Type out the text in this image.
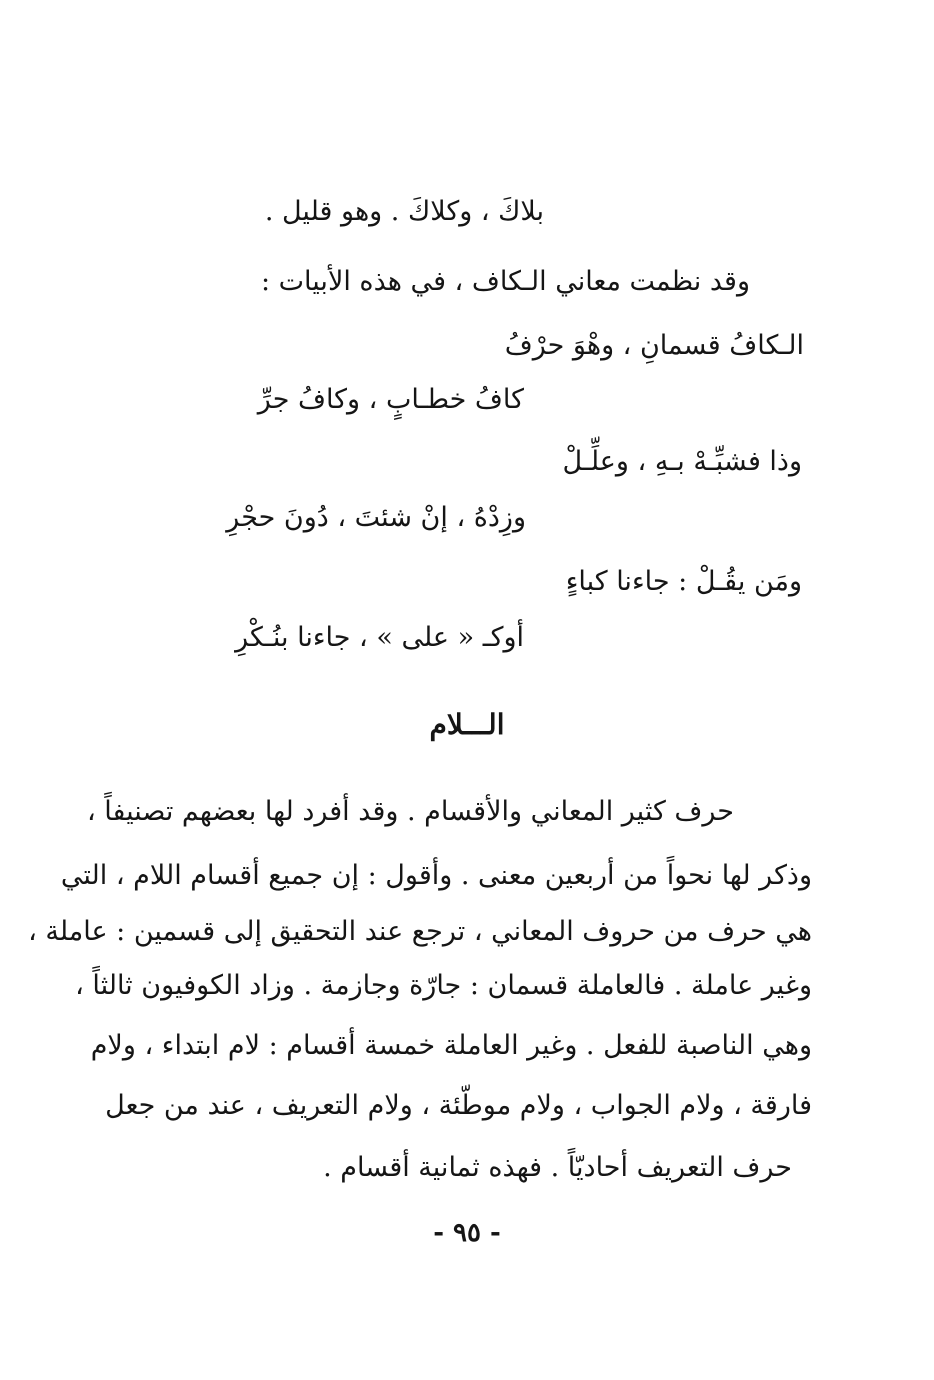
بلاكَ ، وكلاكَ . وهو قليل .
وقد نظمت معاني الـكاف ، في هذه الأبيات :
الـكافُ قسمانِ ، وهْوَ حرْفُ
كافُ خطـابٍ ، وكافُ جرِّ
وذا فشبِّـهْ بـهِ ، وعلِّـلْ
وزِدْهُ ، إنْ شئتَ ، دُونَ حجْرِ
ومَن يقُـلْ : جاءنا كباءٍ
أوكـ « على » ، جاءنا بنُـكْرِ
الـــلام
حرف كثير المعاني والأقسام . وقد أفرد لها بعضهم تصنيفاً ،
وذكر لها نحواً من أربعين معنى . وأقول : إن جميع أقسام اللام ، التي
هي حرف من حروف المعاني ، ترجع عند التحقيق إلى قسمين : عاملة ،
وغير عاملة . فالعاملة قسمان : جارّة وجازمة . وزاد الكوفيون ثالثاً ،
وهي الناصبة للفعل . وغير العاملة خمسة أقسام : لام ابتداء ، ولام
فارقة ، ولام الجواب ، ولام موطّئة ، ولام التعريف ، عند من جعل
حرف التعريف أحاديّاً . فهذه ثمانية أقسام .
- ٩٥ -
